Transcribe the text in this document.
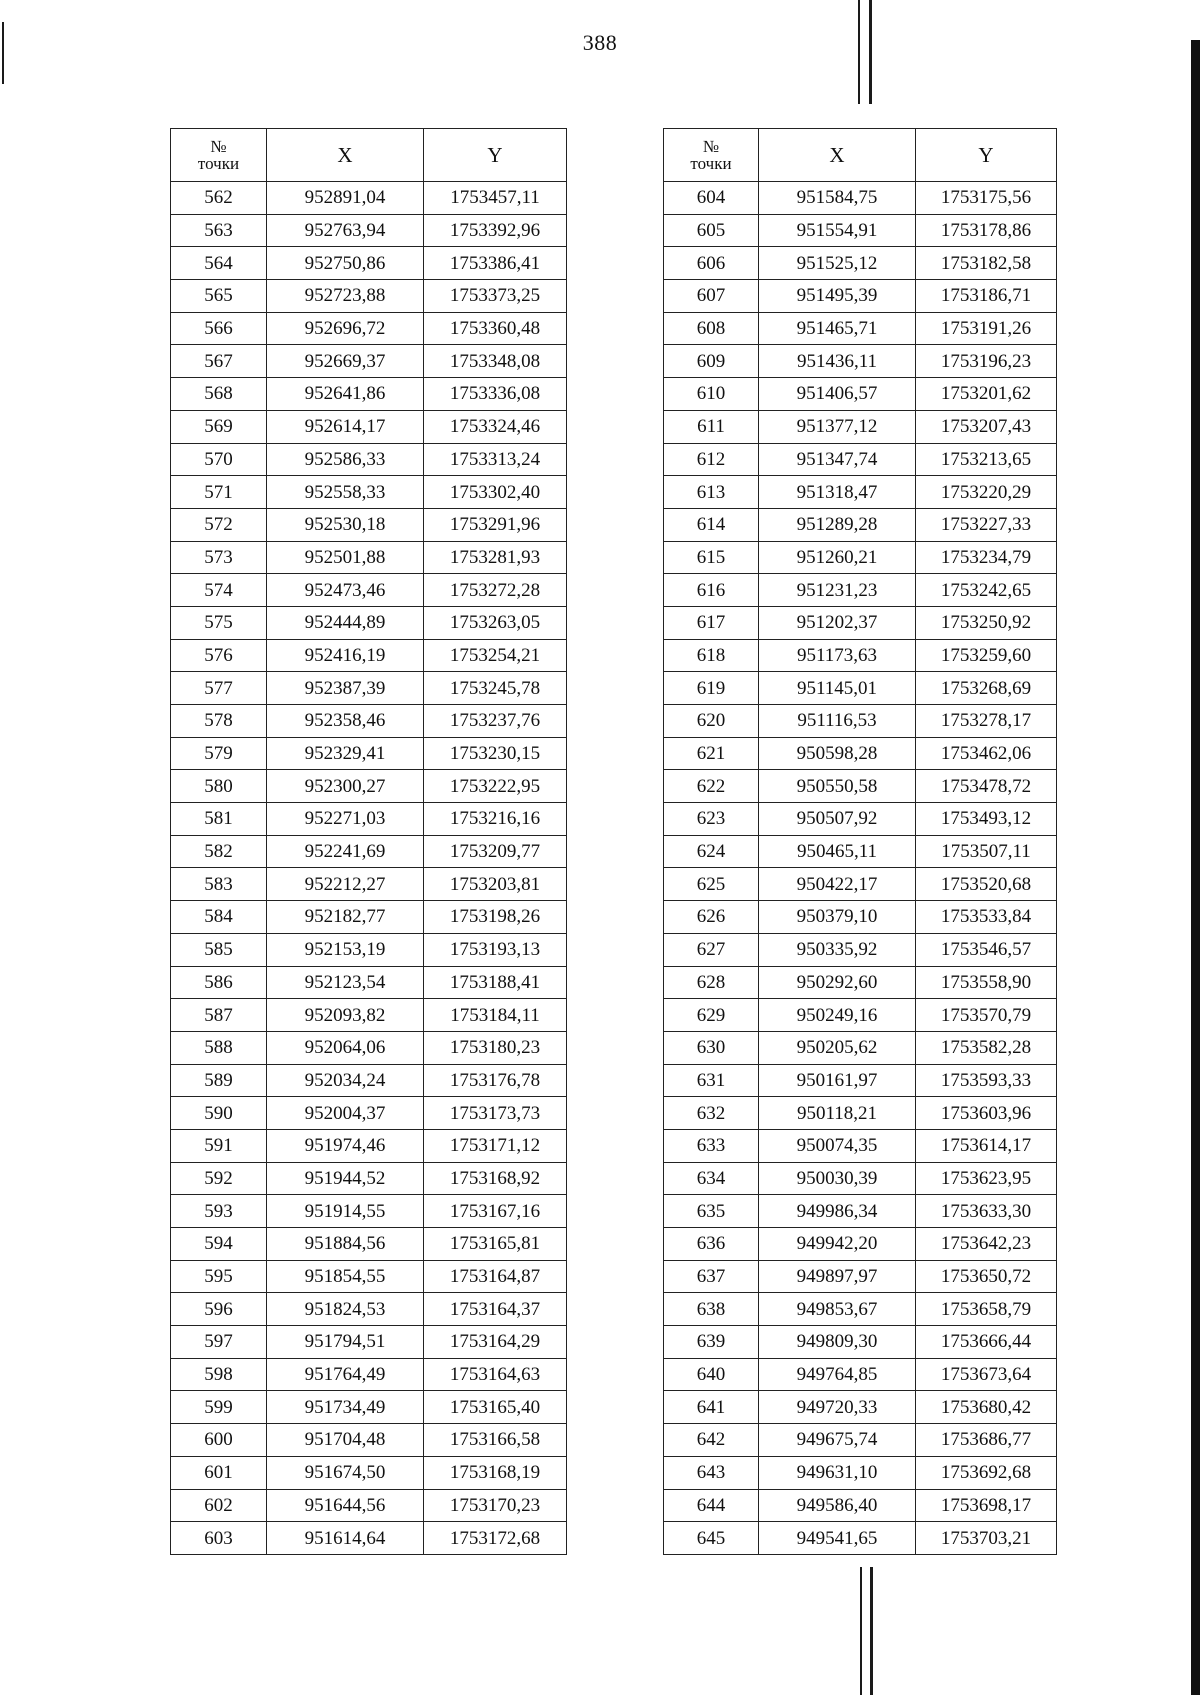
388
№
точки	X	Y
562	952891,04	1753457,11
563	952763,94	1753392,96
564	952750,86	1753386,41
565	952723,88	1753373,25
566	952696,72	1753360,48
567	952669,37	1753348,08
568	952641,86	1753336,08
569	952614,17	1753324,46
570	952586,33	1753313,24
571	952558,33	1753302,40
572	952530,18	1753291,96
573	952501,88	1753281,93
574	952473,46	1753272,28
575	952444,89	1753263,05
576	952416,19	1753254,21
577	952387,39	1753245,78
578	952358,46	1753237,76
579	952329,41	1753230,15
580	952300,27	1753222,95
581	952271,03	1753216,16
582	952241,69	1753209,77
583	952212,27	1753203,81
584	952182,77	1753198,26
585	952153,19	1753193,13
586	952123,54	1753188,41
587	952093,82	1753184,11
588	952064,06	1753180,23
589	952034,24	1753176,78
590	952004,37	1753173,73
591	951974,46	1753171,12
592	951944,52	1753168,92
593	951914,55	1753167,16
594	951884,56	1753165,81
595	951854,55	1753164,87
596	951824,53	1753164,37
597	951794,51	1753164,29
598	951764,49	1753164,63
599	951734,49	1753165,40
600	951704,48	1753166,58
601	951674,50	1753168,19
602	951644,56	1753170,23
603	951614,64	1753172,68
№
точки	X	Y
604	951584,75	1753175,56
605	951554,91	1753178,86
606	951525,12	1753182,58
607	951495,39	1753186,71
608	951465,71	1753191,26
609	951436,11	1753196,23
610	951406,57	1753201,62
611	951377,12	1753207,43
612	951347,74	1753213,65
613	951318,47	1753220,29
614	951289,28	1753227,33
615	951260,21	1753234,79
616	951231,23	1753242,65
617	951202,37	1753250,92
618	951173,63	1753259,60
619	951145,01	1753268,69
620	951116,53	1753278,17
621	950598,28	1753462,06
622	950550,58	1753478,72
623	950507,92	1753493,12
624	950465,11	1753507,11
625	950422,17	1753520,68
626	950379,10	1753533,84
627	950335,92	1753546,57
628	950292,60	1753558,90
629	950249,16	1753570,79
630	950205,62	1753582,28
631	950161,97	1753593,33
632	950118,21	1753603,96
633	950074,35	1753614,17
634	950030,39	1753623,95
635	949986,34	1753633,30
636	949942,20	1753642,23
637	949897,97	1753650,72
638	949853,67	1753658,79
639	949809,30	1753666,44
640	949764,85	1753673,64
641	949720,33	1753680,42
642	949675,74	1753686,77
643	949631,10	1753692,68
644	949586,40	1753698,17
645	949541,65	1753703,21
